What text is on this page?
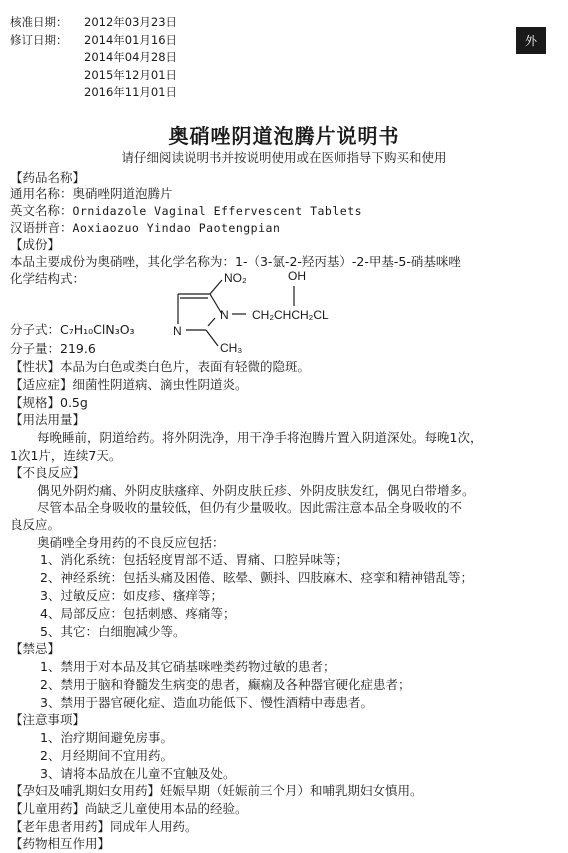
核准日期：	2012年03月23日
修订日期：	2014年01月16日
2014年04月28日
2015年12月01日
2016年11月01日
外
奥硝唑阴道泡腾片说明书
请仔细阅读说明书并按说明使用或在医师指导下购买和使用
【药品名称】
通用名称：奥硝唑阴道泡腾片
英文名称：Ornidazole Vaginal Effervescent Tablets
汉语拼音：Aoxiaozuo Yindao Paotengpian
【成份】
本品主要成份为奥硝唑，其化学名称为：1-（3-氯-2-羟丙基）-2-甲基-5-硝基咪唑
化学结构式：	NO₂	OH
N
N
CH₂CHCH₂CL
CH₃
分子式：C₇H₁₀ClN₃O₃
分子量：219.6
【性状】本品为白色或类白色片，表面有轻微的隐斑。
【适应症】细菌性阴道病、滴虫性阴道炎。
【规格】0.5g
【用法用量】
每晚睡前，阴道给药。将外阴洗净，用干净手将泡腾片置入阴道深处。每晚1次，
1次1片，连续7天。
【不良反应】
偶见外阴灼痛、外阴皮肤瘙痒、外阴皮肤丘疹、外阴皮肤发红，偶见白带增多。
尽管本品全身吸收的量较低，但仍有少量吸收。因此需注意本品全身吸收的不
良反应。
奥硝唑全身用药的不良反应包括：
1、消化系统：包括轻度胃部不适、胃痛、口腔异味等；
2、神经系统：包括头痛及困倦、眩晕、颤抖、四肢麻木、痉挛和精神错乱等；
3、过敏反应：如皮疹、瘙痒等；
4、局部反应：包括刺感、疼痛等；
5、其它：白细胞减少等。
【禁忌】
1、禁用于对本品及其它硝基咪唑类药物过敏的患者；
2、禁用于脑和脊髓发生病变的患者，癫痫及各种器官硬化症患者；
3、禁用于器官硬化症、造血功能低下、慢性酒精中毒患者。
【注意事项】
1、治疗期间避免房事。
2、月经期间不宜用药。
3、请将本品放在儿童不宜触及处。
【孕妇及哺乳期妇女用药】妊娠早期（妊娠前三个月）和哺乳期妇女慎用。
【儿童用药】尚缺乏儿童使用本品的经验。
【老年患者用药】同成年人用药。
【药物相互作用】
